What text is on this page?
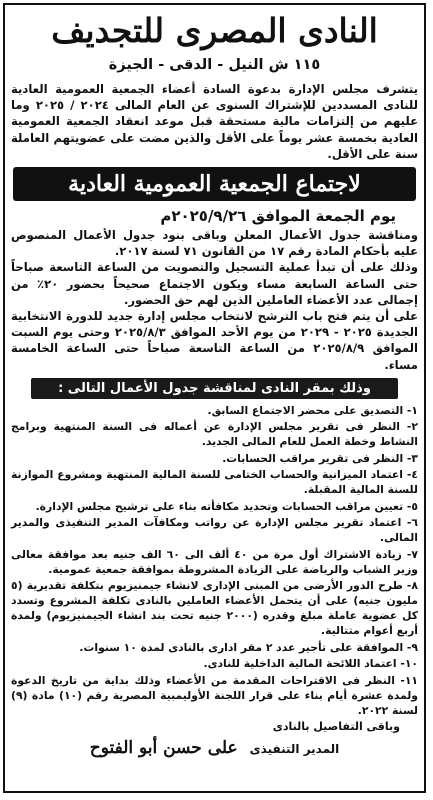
النادى المصرى للتجديف
١١٥ ش النيل - الدقى - الجيزة

يتشرف مجلس الإدارة بدعوة السادة أعضاء الجمعية العمومية العادية للنادى المسددين للإشتراك السنوى عن العام المالى ٢٠٢٤ / ٢٠٢٥ وما عليهم من إلتزامات مالية مستحقة قبل موعد انعقاد الجمعية العمومية العادية بخمسة عشر يوماً على الأقل والذين مضت على عضويتهم العاملة سنة على الأقل.

لاجتماع الجمعية العمومية العادية
يوم الجمعة الموافق ٢٠٢٥/٩/٢٦م

ومناقشة جدول الأعمال المعلن وباقى بنود جدول الأعمال المنصوص عليه بأحكام المادة رقم ١٧ من القانون ٧١ لسنة ٢٠١٧.

وذلك على أن تبدأ عملية التسجيل والتصويت من الساعة التاسعة صباحاً حتى الساعة السابعة مساء ويكون الاجتماع صحيحاً بحضور ٢٠٪ من إجمالى عدد الأعضاء العاملين الذين لهم حق الحضور.

على أن يتم فتح باب الترشح لانتخاب مجلس إدارة جديد للدورة الانتخابية الجديدة ٢٠٢٥ - ٢٠٢٩ من يوم الأحد الموافق ٢٠٢٥/٨/٣ وحتى يوم السبت الموافق ٢٠٢٥/٨/٩ من الساعة التاسعة صباحاً حتى الساعة الخامسة مساء.

وذلك بمقر النادى لمناقشة جدول الأعمال التالى :
١- التصديق على محضر الاجتماع السابق.
٢- النظر فى تقرير مجلس الإدارة عن أعماله فى السنة المنتهية وبرامج النشاط وخطة العمل للعام المالى الجديد.
٣- النظر فى تقرير مراقب الحسابات.
٤- اعتماد الميزانية والحساب الختامى للسنة المالية المنتهية ومشروع الموازنة للسنة المالية المقبلة.
٥- تعيين مراقب الحسابات وتحديد مكافأته بناء على ترشيح مجلس الإدارة.
٦- اعتماد تقرير مجلس الإدارة عن رواتب ومكافآت المدير التنفيذى والمدير المالى.
٧- زيادة الاشتراك أول مرة من ٤٠ ألف الى ٦٠ الف جنيه بعد موافقة معالى وزير الشباب والرياضة على الزيادة المشروطة بموافقة جمعية عمومية.
٨- طرح الدور الأرضى من المبنى الإدارى لانشاء جيمنيزيوم بتكلفة تقديرية (٥ مليون جنيه) على أن يتحمل الأعضاء العاملين بالنادى تكلفة المشروع وتسدد كل عضوية عاملة مبلغ وقدره (٢٠٠٠ جنيه تحت بند انشاء الجيمنيزيوم) ولمدة أربع أعوام متتالية.
٩- الموافقة على تأجير عدد ٢ مقر ادارى بالنادى لمدة ١٠ سنوات.
١٠- اعتماد اللائحة المالية الداخلية للنادى.
١١- النظر فى الاقتراحات المقدمة من الأعضاء وذلك بداية من تاريخ الدعوة ولمدة عشرة أيام بناء على قرار اللجنة الأوليمبية المصرية رقم (١٠) مادة (٩) لسنة ٢٠٢٢.
وباقى التفاصيل بالنادى
المدير التنفيذى
على حسن أبو الفتوح
